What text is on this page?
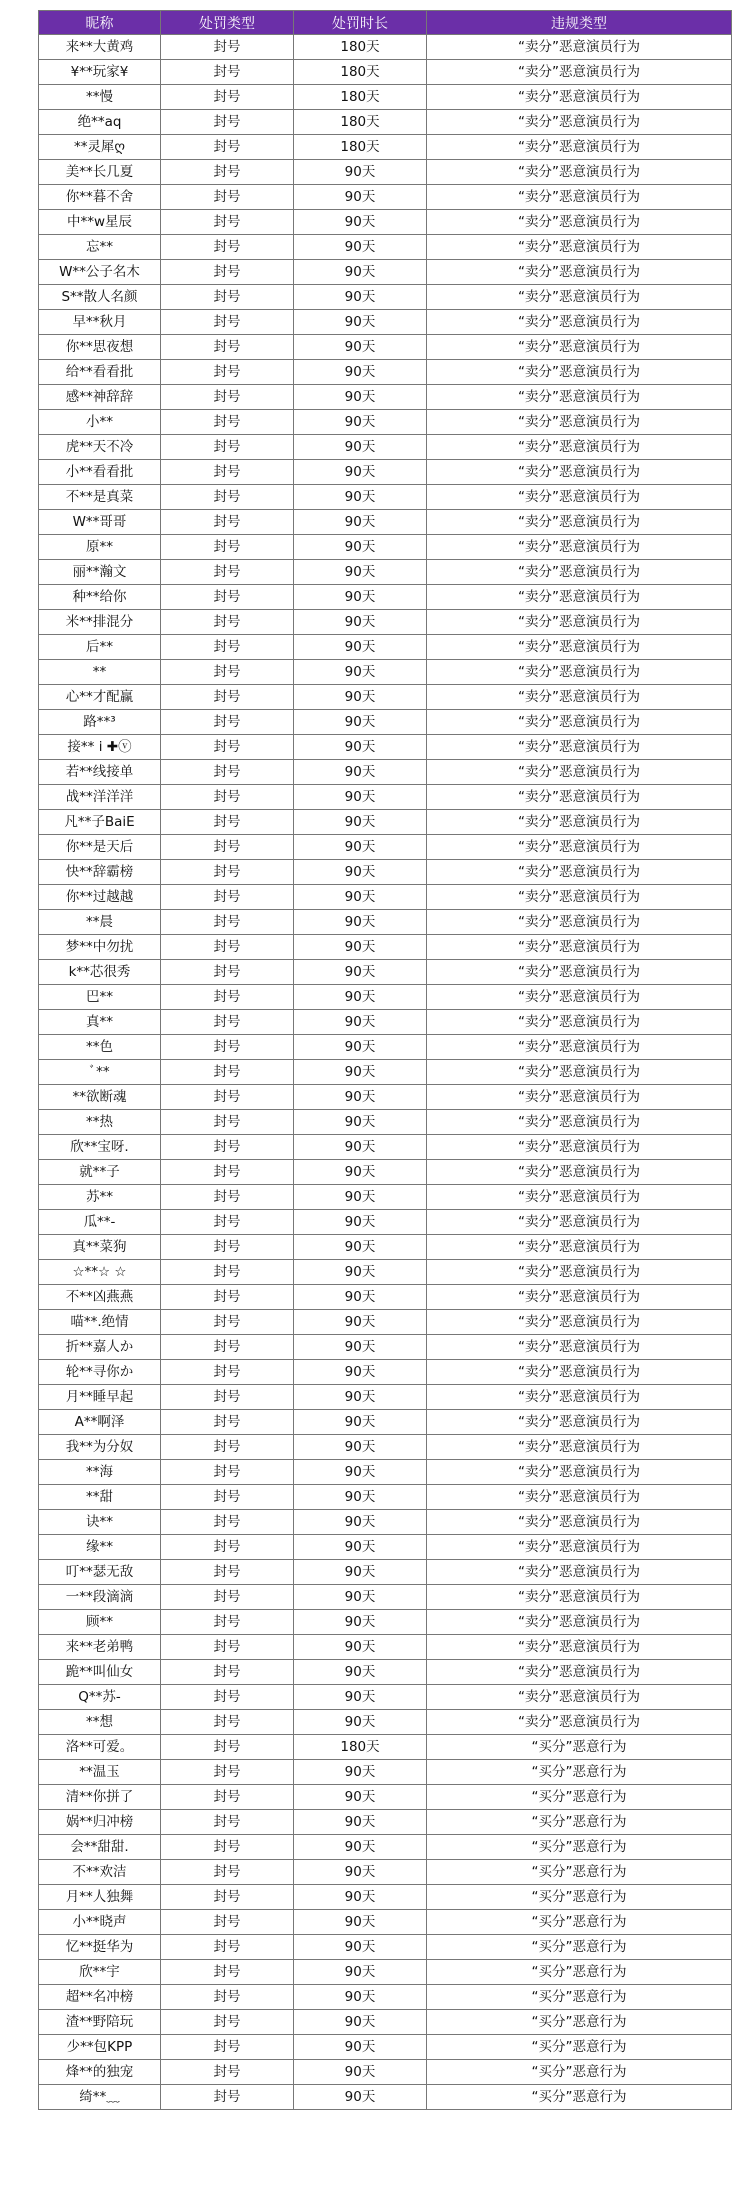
昵称	处罚类型	处罚时长	违规类型
来**大黄鸡	封号	180天	“卖分”恶意演员行为
¥**玩家¥	封号	180天	“卖分”恶意演员行为
**慢	封号	180天	“卖分”恶意演员行为
绝**aq	封号	180天	“卖分”恶意演员行为
**灵犀ღ	封号	180天	“卖分”恶意演员行为
美**长几夏	封号	90天	“卖分”恶意演员行为
你**暮不舍	封号	90天	“卖分”恶意演员行为
中**w星辰	封号	90天	“卖分”恶意演员行为
忘**	封号	90天	“卖分”恶意演员行为
W**公子名木	封号	90天	“卖分”恶意演员行为
S**散人名颜	封号	90天	“卖分”恶意演员行为
早**秋月	封号	90天	“卖分”恶意演员行为
你**思夜想	封号	90天	“卖分”恶意演员行为
给**看看批	封号	90天	“卖分”恶意演员行为
感**神辞辞	封号	90天	“卖分”恶意演员行为
小**	封号	90天	“卖分”恶意演员行为
虎**天不冷	封号	90天	“卖分”恶意演员行为
小**看看批	封号	90天	“卖分”恶意演员行为
不**是真菜	封号	90天	“卖分”恶意演员行为
W**哥哥	封号	90天	“卖分”恶意演员行为
原**	封号	90天	“卖分”恶意演员行为
丽**瀚文	封号	90天	“卖分”恶意演员行为
种**给你	封号	90天	“卖分”恶意演员行为
米**排混分	封号	90天	“卖分”恶意演员行为
后**	封号	90天	“卖分”恶意演员行为
**	封号	90天	“卖分”恶意演员行为
心**才配赢	封号	90天	“卖分”恶意演员行为
路**³	封号	90天	“卖分”恶意演员行为
接** i ✚ⓥ	封号	90天	“卖分”恶意演员行为
若**线接单	封号	90天	“卖分”恶意演员行为
战**洋洋洋	封号	90天	“卖分”恶意演员行为
凡**子BaiE	封号	90天	“卖分”恶意演员行为
你**是天后	封号	90天	“卖分”恶意演员行为
快**辞霸榜	封号	90天	“卖分”恶意演员行为
你**过越越	封号	90天	“卖分”恶意演员行为
**晨	封号	90天	“卖分”恶意演员行为
梦**中勿扰	封号	90天	“卖分”恶意演员行为
k**芯很秀	封号	90天	“卖分”恶意演员行为
巴**	封号	90天	“卖分”恶意演员行为
真**	封号	90天	“卖分”恶意演员行为
**色	封号	90天	“卖分”恶意演员行为
ﾞ**	封号	90天	“卖分”恶意演员行为
**欲断魂	封号	90天	“卖分”恶意演员行为
**热	封号	90天	“卖分”恶意演员行为
欣**宝呀.	封号	90天	“卖分”恶意演员行为
就**子	封号	90天	“卖分”恶意演员行为
苏**	封号	90天	“卖分”恶意演员行为
瓜**-	封号	90天	“卖分”恶意演员行为
真**菜狗	封号	90天	“卖分”恶意演员行为
☆**☆ ☆	封号	90天	“卖分”恶意演员行为
不**凶燕燕	封号	90天	“卖分”恶意演员行为
喵**.绝情	封号	90天	“卖分”恶意演员行为
折**嘉人か	封号	90天	“卖分”恶意演员行为
轮**寻你か	封号	90天	“卖分”恶意演员行为
月**睡早起	封号	90天	“卖分”恶意演员行为
A**啊泽	封号	90天	“卖分”恶意演员行为
我**为分奴	封号	90天	“卖分”恶意演员行为
**海	封号	90天	“卖分”恶意演员行为
**甜	封号	90天	“卖分”恶意演员行为
诀**	封号	90天	“卖分”恶意演员行为
缘**	封号	90天	“卖分”恶意演员行为
叮**瑟无敌	封号	90天	“卖分”恶意演员行为
一**段滴滴	封号	90天	“卖分”恶意演员行为
顾**	封号	90天	“卖分”恶意演员行为
来**老弟鸭	封号	90天	“卖分”恶意演员行为
跪**叫仙女	封号	90天	“卖分”恶意演员行为
Q**苏-	封号	90天	“卖分”恶意演员行为
**想	封号	90天	“卖分”恶意演员行为
洛**可爱。	封号	180天	“买分”恶意行为
**温玉	封号	90天	“买分”恶意行为
清**你拼了	封号	90天	“买分”恶意行为
娲**归冲榜	封号	90天	“买分”恶意行为
会**甜甜.	封号	90天	“买分”恶意行为
不**欢洁	封号	90天	“买分”恶意行为
月**人独舞	封号	90天	“买分”恶意行为
小**晓声	封号	90天	“买分”恶意行为
忆**挺华为	封号	90天	“买分”恶意行为
欣**宇	封号	90天	“买分”恶意行为
超**名冲榜	封号	90天	“买分”恶意行为
渣**野陪玩	封号	90天	“买分”恶意行为
少**包KPP	封号	90天	“买分”恶意行为
烽**的独宠	封号	90天	“买分”恶意行为
绮**﹏	封号	90天	“买分”恶意行为
